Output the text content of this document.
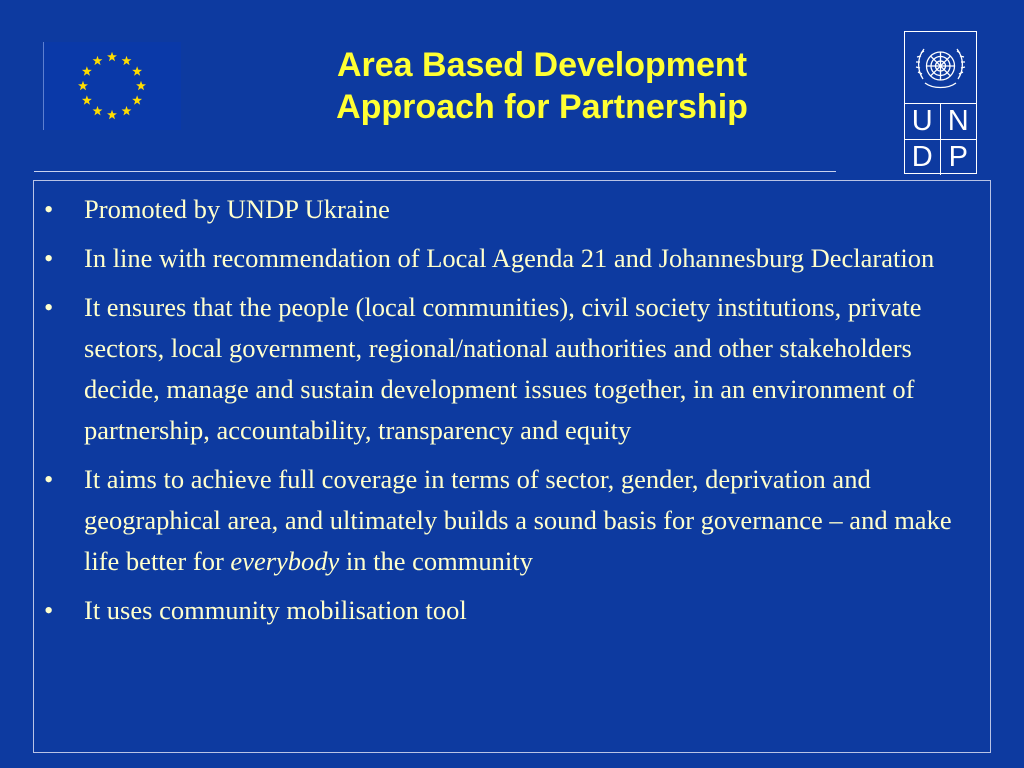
Area Based Development
Approach for Partnership	U N
D P
• Promoted by UNDP Ukraine
• In line with recommendation of Local Agenda 21 and Johannesburg Declaration
• It ensures that the people (local communities), civil society institutions, private sectors, local government, regional/national authorities and other stakeholders decide, manage and sustain development issues together, in an environment of partnership, accountability, transparency and equity
• It aims to achieve full coverage in terms of sector, gender, deprivation and geographical area, and ultimately builds a sound basis for governance – and make life better for everybody in the community
• It uses community mobilisation tool
